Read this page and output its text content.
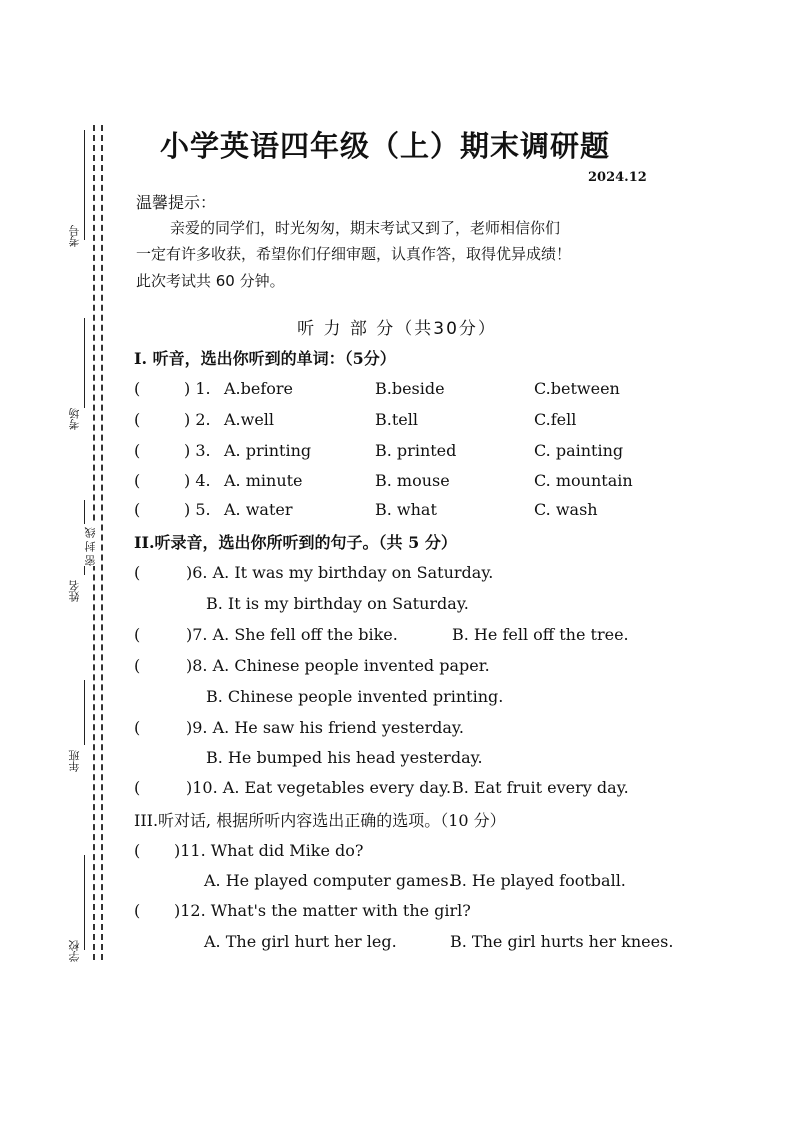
考号
考场
姓名
年班
学校
密封线
小学英语四年级（上）期末调研题
2024.12
温馨提示：
亲爱的同学们，时光匆匆，期末考试又到了，老师相信你们
一定有许多收获，希望你们仔细审题，认真作答，取得优异成绩！
此次考试共 60 分钟。
听 力 部 分（共30分）
I. 听音，选出你听到的单词：（5分）
(	) 1. A.before	B.beside	C.between
(	) 2. A.well	B.tell	C.fell
(	) 3. A. printing	B. printed	C. painting
(	) 4. A. minute	B. mouse	C. mountain
(	) 5. A. water	B. what	C. wash
II.听录音，选出你所听到的句子。（共 5 分）
(	)6. A. It was my birthday on Saturday.
B. It is my birthday on Saturday.
(	)7. A. She fell off the bike.	B. He fell off the tree.
(	)8. A. Chinese people invented paper.
B. Chinese people invented printing.
(	)9. A. He saw his friend yesterday.
B. He bumped his head yesterday.
(	)10. A. Eat vegetables every day. B. Eat fruit every day.
III.听对话, 根据所听内容选出正确的选项。（10 分）
(	)11. What did Mike do?
A. He played computer games.
B. He played football.
(	)12. What's the matter with the girl?
A. The girl hurt her leg.	B. The girl hurts her knees.
